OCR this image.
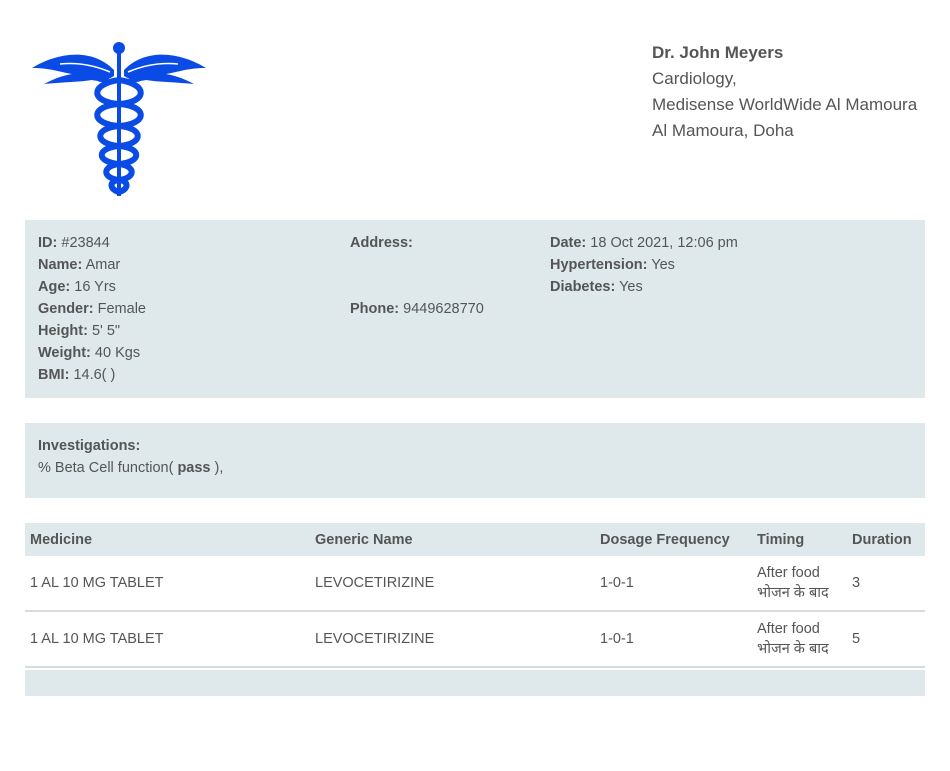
Dr. John Meyers
Cardiology,
Medisense WorldWide Al Mamoura
Al Mamoura, Doha
ID: #23844
Name: Amar
Age: 16 Yrs
Gender: Female
Height: 5' 5"
Weight: 40 Kgs
BMI: 14.6( )
Address:
Phone: 9449628770
Date: 18 Oct 2021, 12:06 pm
Hypertension: Yes
Diabetes: Yes
Investigations:
% Beta Cell function( pass ),
Medicine	Generic Name	Dosage Frequency	Timing	Duration
1 AL 10 MG TABLET	LEVOCETIRIZINE	1-0-1	After food
भोजन के बाद	3
1 AL 10 MG TABLET	LEVOCETIRIZINE	1-0-1	After food
भोजन के बाद	5
